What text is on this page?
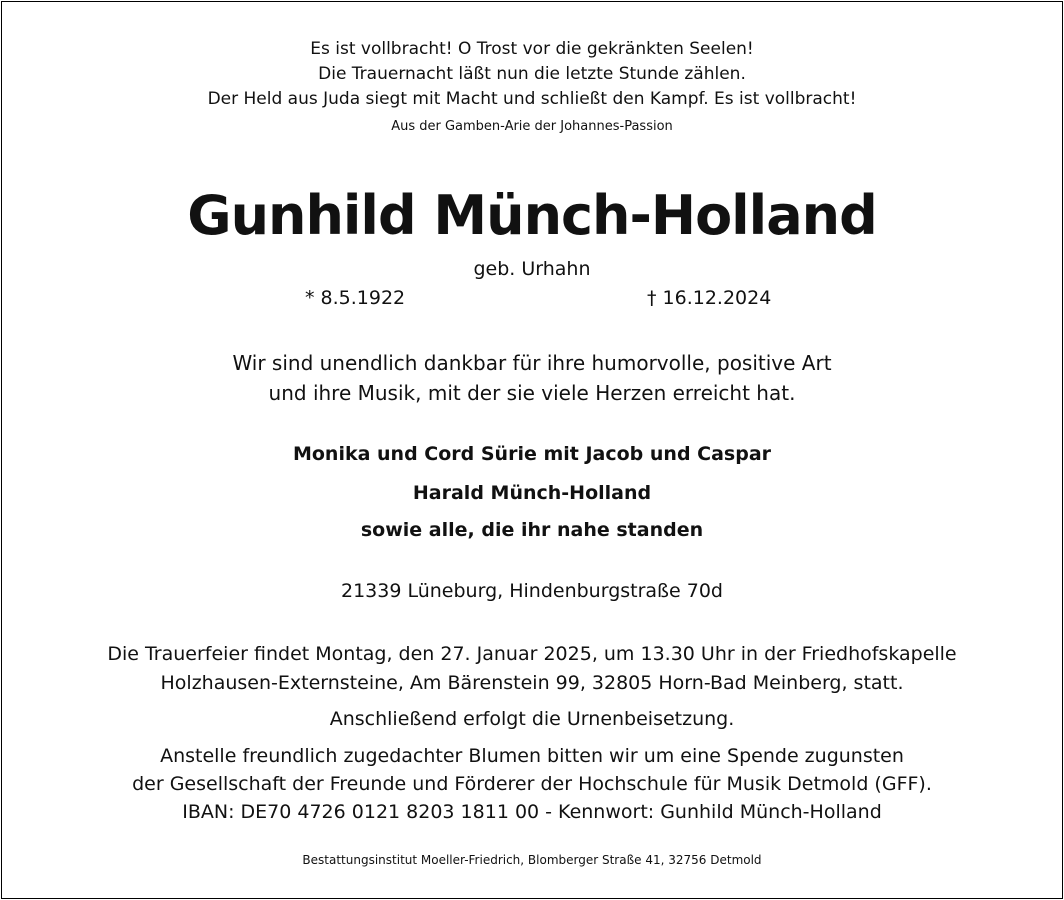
Es ist vollbracht! O Trost vor die gekränkten Seelen!
Die Trauernacht läßt nun die letzte Stunde zählen.
Der Held aus Juda siegt mit Macht und schließt den Kampf. Es ist vollbracht!
Aus der Gamben-Arie der Johannes-Passion
Gunhild Münch-Holland
geb. Urhahn
* 8.5.1922	† 16.12.2024
Wir sind unendlich dankbar für ihre humorvolle, positive Art
und ihre Musik, mit der sie viele Herzen erreicht hat.
Monika und Cord Sürie mit Jacob und Caspar
Harald Münch-Holland
sowie alle, die ihr nahe standen
21339 Lüneburg, Hindenburgstraße 70d
Die Trauerfeier findet Montag, den 27. Januar 2025, um 13.30 Uhr in der Friedhofskapelle
Holzhausen-Externsteine, Am Bärenstein 99, 32805 Horn-Bad Meinberg, statt.
Anschließend erfolgt die Urnenbeisetzung.
Anstelle freundlich zugedachter Blumen bitten wir um eine Spende zugunsten
der Gesellschaft der Freunde und Förderer der Hochschule für Musik Detmold (GFF).
IBAN: DE70 4726 0121 8203 1811 00 - Kennwort: Gunhild Münch-Holland
Bestattungsinstitut Moeller-Friedrich, Blomberger Straße 41, 32756 Detmold
